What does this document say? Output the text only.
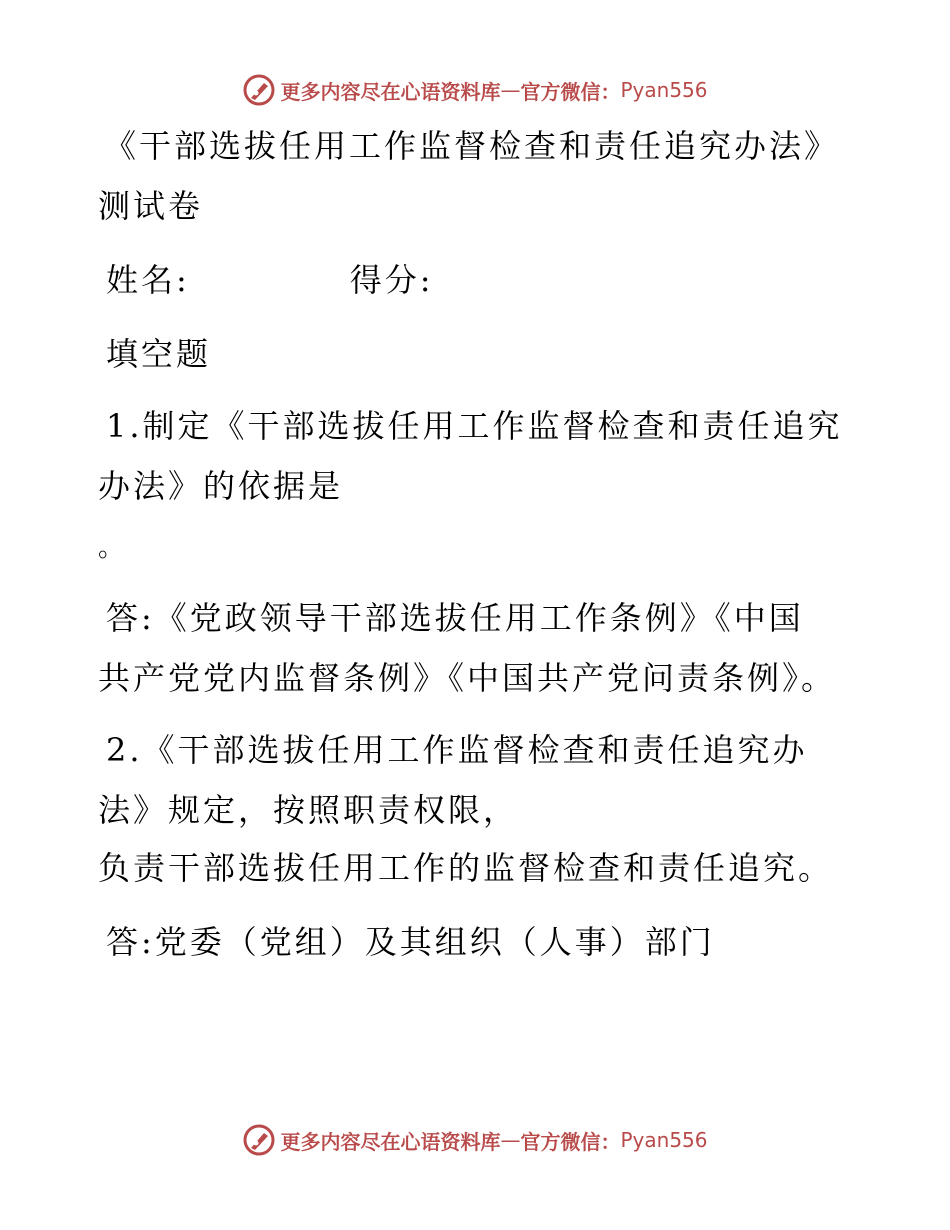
更多内容尽在心语资料库 — 官方微信： Pyan556
《干部选拔任用工作监督检查和责任追究办法》
测试卷
姓名:	得分:
填空题
1.制定《干部选拔任用工作监督检查和责任追究
办法》的依据是
。
答:《党政领导干部选拔任用工作条例》《中国
共产党党内监督条例》《中国共产党问责条例》。
2.《干部选拔任用工作监督检查和责任追究办
法》规定，按照职责权限，
负责干部选拔任用工作的监督检查和责任追究。
答:党委（党组）及其组织（人事）部门
更多内容尽在心语资料库 — 官方微信： Pyan556
